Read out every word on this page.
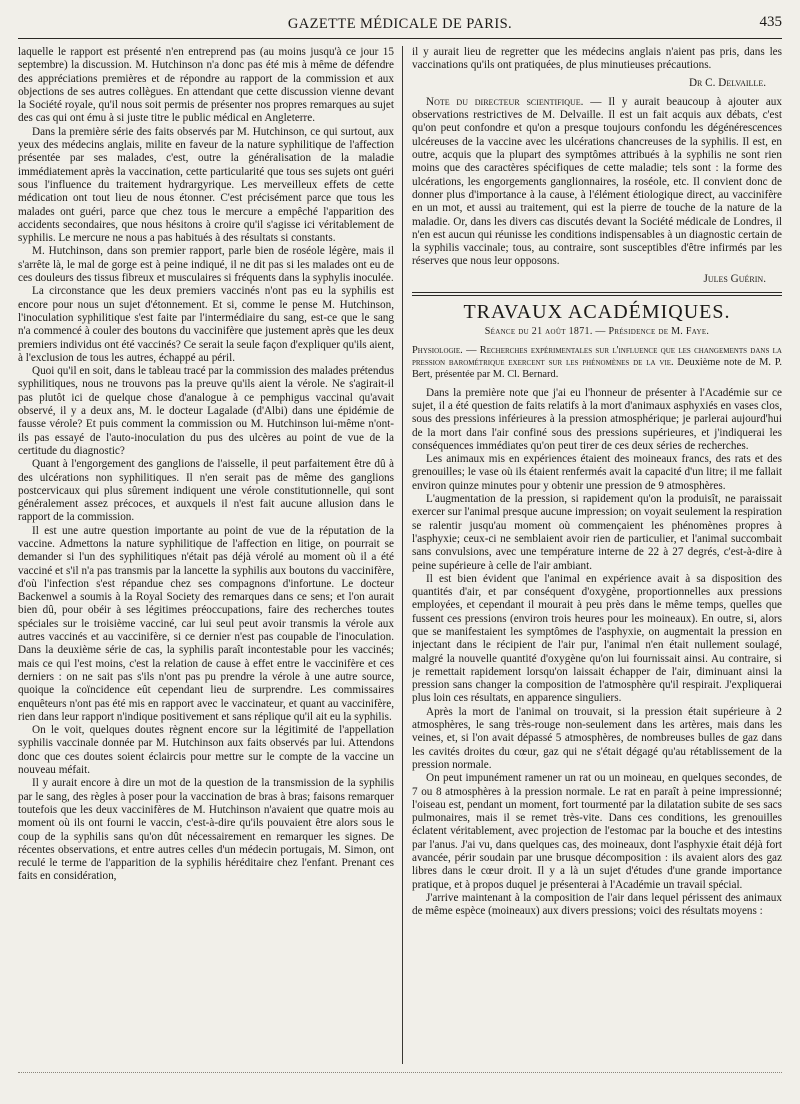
GAZETTE MÉDICALE DE PARIS.	435

laquelle le rapport est présenté n'en entreprend pas (au moins jusqu'à ce jour 15 septembre) la discussion. M. Hutchinson n'a donc pas été mis à même de défendre des appréciations premières et de répondre au rapport de la commission et aux objections de ses autres collègues. En attendant que cette discussion vienne devant la Société royale, qu'il nous soit permis de présenter nos propres remarques au sujet des cas qui ont ému à si juste titre le public médical en Angleterre.

Dans la première série des faits observés par M. Hutchinson, ce qui surtout, aux yeux des médecins anglais, milite en faveur de la nature syphilitique de l'affection présentée par ses malades, c'est, outre la généralisation de la maladie immédiatement après la vaccination, cette particularité que tous ses sujets ont guéri sous l'influence du traitement hydrargyrique. Les merveilleux effets de cette médication ont tout lieu de nous étonner. C'est précisément parce que tous les malades ont guéri, parce que chez tous le mercure a empêché l'apparition des accidents secondaires, que nous hésitons à croire qu'il s'agisse ici véritablement de syphilis. Le mercure ne nous a pas habitués à des résultats si constants.

M. Hutchinson, dans son premier rapport, parle bien de roséole légère, mais il s'arrête là, le mal de gorge est à peine indiqué, il ne dit pas si les malades ont eu de ces douleurs des tissus fibreux et musculaires si fréquents dans la syphylis inoculée.

La circonstance que les deux premiers vaccinés n'ont pas eu la syphilis est encore pour nous un sujet d'étonnement. Et si, comme le pense M. Hutchinson, l'inoculation syphilitique s'est faite par l'intermédiaire du sang, est-ce que le sang n'a commencé à couler des boutons du vaccinifère que justement après que les deux premiers individus ont été vaccinés? Ce serait la seule façon d'expliquer qu'ils aient, à l'exclusion de tous les autres, échappé au péril.

Quoi qu'il en soit, dans le tableau tracé par la commission des malades prétendus syphilitiques, nous ne trouvons pas la preuve qu'ils aient la vérole. Ne s'agirait-il pas plutôt ici de quelque chose d'analogue à ce pemphigus vaccinal qu'avait observé, il y a deux ans, M. le docteur Lagalade (d'Albi) dans une épidémie de fausse vérole? Et puis comment la commission ou M. Hutchinson lui-même n'ont-ils pas essayé de l'auto-inoculation du pus des ulcères au point de vue de la certitude du diagnostic?

Quant à l'engorgement des ganglions de l'aisselle, il peut parfaitement être dû à des ulcérations non syphilitiques. Il n'en serait pas de même des ganglions postcervicaux qui plus sûrement indiquent une vérole constitutionnelle, qui sont généralement assez précoces, et auxquels il n'est fait aucune allusion dans le rapport de la commission.

Il est une autre question importante au point de vue de la réputation de la vaccine. Admettons la nature syphilitique de l'affection en litige, on pourrait se demander si l'un des syphilitiques n'était pas déjà vérolé au moment où il a été vacciné et s'il n'a pas transmis par la lancette la syphilis aux boutons du vaccinifère, d'où l'infection s'est répandue chez ses compagnons d'infortune. Le docteur Backenwel a soumis à la Royal Society des remarques dans ce sens; et l'on aurait bien dû, pour obéir à ses légitimes préoccupations, faire des recherches toutes spéciales sur le troisième vacciné, car lui seul peut avoir transmis la vérole aux autres vaccinés et au vaccinifère, si ce dernier n'est pas coupable de l'inoculation. Dans la deuxième série de cas, la syphilis paraît incontestable pour les vaccinés; mais ce qui l'est moins, c'est la relation de cause à effet entre le vaccinifère et ces derniers : on ne sait pas s'ils n'ont pas pu prendre la vérole à une autre source, quoique la coïncidence eût cependant lieu de surprendre. Les commissaires enquêteurs n'ont pas été mis en rapport avec le vaccinateur, et quant au vaccinifère, rien dans leur rapport n'indique positivement et sans réplique qu'il ait eu la syphilis.

On le voit, quelques doutes règnent encore sur la légitimité de l'appellation syphilis vaccinale donnée par M. Hutchinson aux faits observés par lui. Attendons donc que ces doutes soient éclaircis pour mettre sur le compte de la vaccine un nouveau méfait.

Il y aurait encore à dire un mot de la question de la transmission de la syphilis par le sang, des règles à poser pour la vaccination de bras à bras; faisons remarquer toutefois que les deux vaccinifères de M. Hutchinson n'avaient que quatre mois au moment où ils ont fourni le vaccin, c'est-à-dire qu'ils pouvaient être alors sous le coup de la syphilis sans qu'on dût nécessairement en remarquer les signes. De récentes observations, et entre autres celles d'un médecin portugais, M. Simon, ont reculé le terme de l'apparition de la syphilis héréditaire chez l'enfant. Prenant ces faits en considération,

il y aurait lieu de regretter que les médecins anglais n'aient pas pris, dans les vaccinations qu'ils ont pratiquées, de plus minutieuses précautions.

Dr C. Delvaille.

Note du directeur scientifique. — Il y aurait beaucoup à ajouter aux observations restrictives de M. Delvaille. Il est un fait acquis aux débats, c'est qu'on peut confondre et qu'on a presque toujours confondu les dégénérescences ulcéreuses de la vaccine avec les ulcérations chancreuses de la syphilis. Il est, en outre, acquis que la plupart des symptômes attribués à la syphilis ne sont rien moins que des caractères spécifiques de cette maladie; tels sont : la forme des ulcérations, les engorgements ganglionnaires, la roséole, etc. Il convient donc de donner plus d'importance à la cause, à l'élément étiologique direct, au vaccinifère en un mot, et aussi au traitement, qui est la pierre de touche de la nature de la maladie. Or, dans les divers cas discutés devant la Société médicale de Londres, il n'en est aucun qui réunisse les conditions indispensables à un diagnostic certain de la syphilis vaccinale; tous, au contraire, sont susceptibles d'être infirmés par les réserves que nous leur opposons.

Jules Guérin.

TRAVAUX ACADÉMIQUES.
Séance du 21 août 1871. — Présidence de M. Faye.

Physiologie. — Recherches expérimentales sur l'influence que les changements dans la pression barométrique exercent sur les phénomènes de la vie. Deuxième note de M. P. Bert, présentée par M. Cl. Bernard.

Dans la première note que j'ai eu l'honneur de présenter à l'Académie sur ce sujet, il a été question de faits relatifs à la mort d'animaux asphyxiés en vases clos, sous des pressions inférieures à la pression atmosphérique; je parlerai aujourd'hui de la mort dans l'air confiné sous des pressions supérieures, et j'indiquerai les conséquences immédiates qu'on peut tirer de ces deux séries de recherches.

Les animaux mis en expériences étaient des moineaux francs, des rats et des grenouilles; le vase où ils étaient renfermés avait la capacité d'un litre; il me fallait environ quinze minutes pour y obtenir une pression de 9 atmosphères.

L'augmentation de la pression, si rapidement qu'on la produisît, ne paraissait exercer sur l'animal presque aucune impression; on voyait seulement la respiration se ralentir jusqu'au moment où commençaient les phénomènes propres à l'asphyxie; ceux-ci ne semblaient avoir rien de particulier, et l'animal succombait sans convulsions, avec une température interne de 22 à 27 degrés, c'est-à-dire à peine supérieure à celle de l'air ambiant.

Il est bien évident que l'animal en expérience avait à sa disposition des quantités d'air, et par conséquent d'oxygène, proportionnelles aux pressions employées, et cependant il mourait à peu près dans le même temps, quelles que fussent ces pressions (environ trois heures pour les moineaux). En outre, si, alors que se manifestaient les symptômes de l'asphyxie, on augmentait la pression en injectant dans le récipient de l'air pur, l'animal n'en était nullement soulagé, malgré la nouvelle quantité d'oxygène qu'on lui fournissait ainsi. Au contraire, si je remettait rapidement lorsqu'on laissait échapper de l'air, diminuant ainsi la pression sans changer la composition de l'atmosphère qu'il respirait. J'expliquerai plus loin ces résultats, en apparence singuliers.

Après la mort de l'animal on trouvait, si la pression était supérieure à 2 atmosphères, le sang très-rouge non-seulement dans les artères, mais dans les veines, et, si l'on avait dépassé 5 atmosphères, de nombreuses bulles de gaz dans les cavités droites du cœur, gaz qui ne s'était dégagé qu'au rétablissement de la pression normale.

On peut impunément ramener un rat ou un moineau, en quelques secondes, de 7 ou 8 atmosphères à la pression normale. Le rat en paraît à peine impressionné; l'oiseau est, pendant un moment, fort tourmenté par la dilatation subite de ses sacs pulmonaires, mais il se remet très-vite. Dans ces conditions, les grenouilles éclatent véritablement, avec projection de l'estomac par la bouche et des intestins par l'anus. J'ai vu, dans quelques cas, des moineaux, dont l'asphyxie était déjà fort avancée, périr soudain par une brusque décomposition : ils avaient alors des gaz libres dans le cœur droit. Il y a là un sujet d'études d'une grande importance pratique, et à propos duquel je présenterai à l'Académie un travail spécial.

J'arrive maintenant à la composition de l'air dans lequel périssent des animaux de même espèce (moineaux) aux divers pressions; voici des résultats moyens :
